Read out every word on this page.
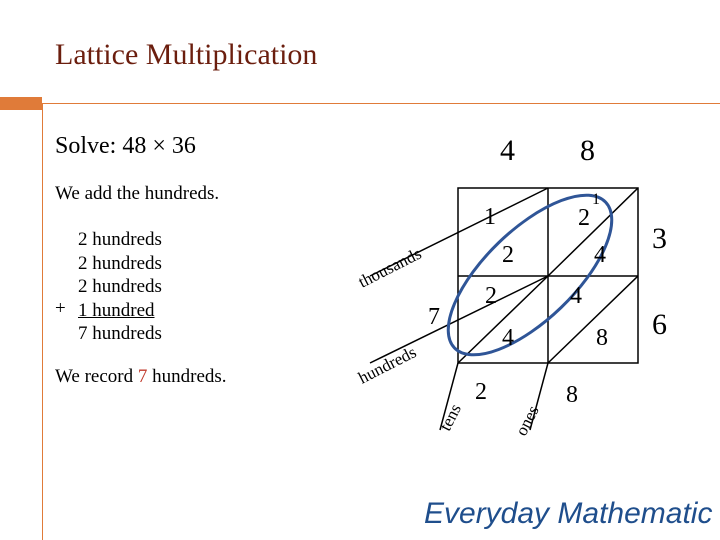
Lattice Multiplication
Solve: 48 × 36
We add the hundreds.
2 hundreds
2 hundreds
2 hundreds
1 hundred
7 hundreds
+
We record 7 hundreds.
4 8
3
6
1
2
1
2
4
2
4
4
8
7
2	8
thousands
hundreds
tens	ones
Everyday Mathematic
